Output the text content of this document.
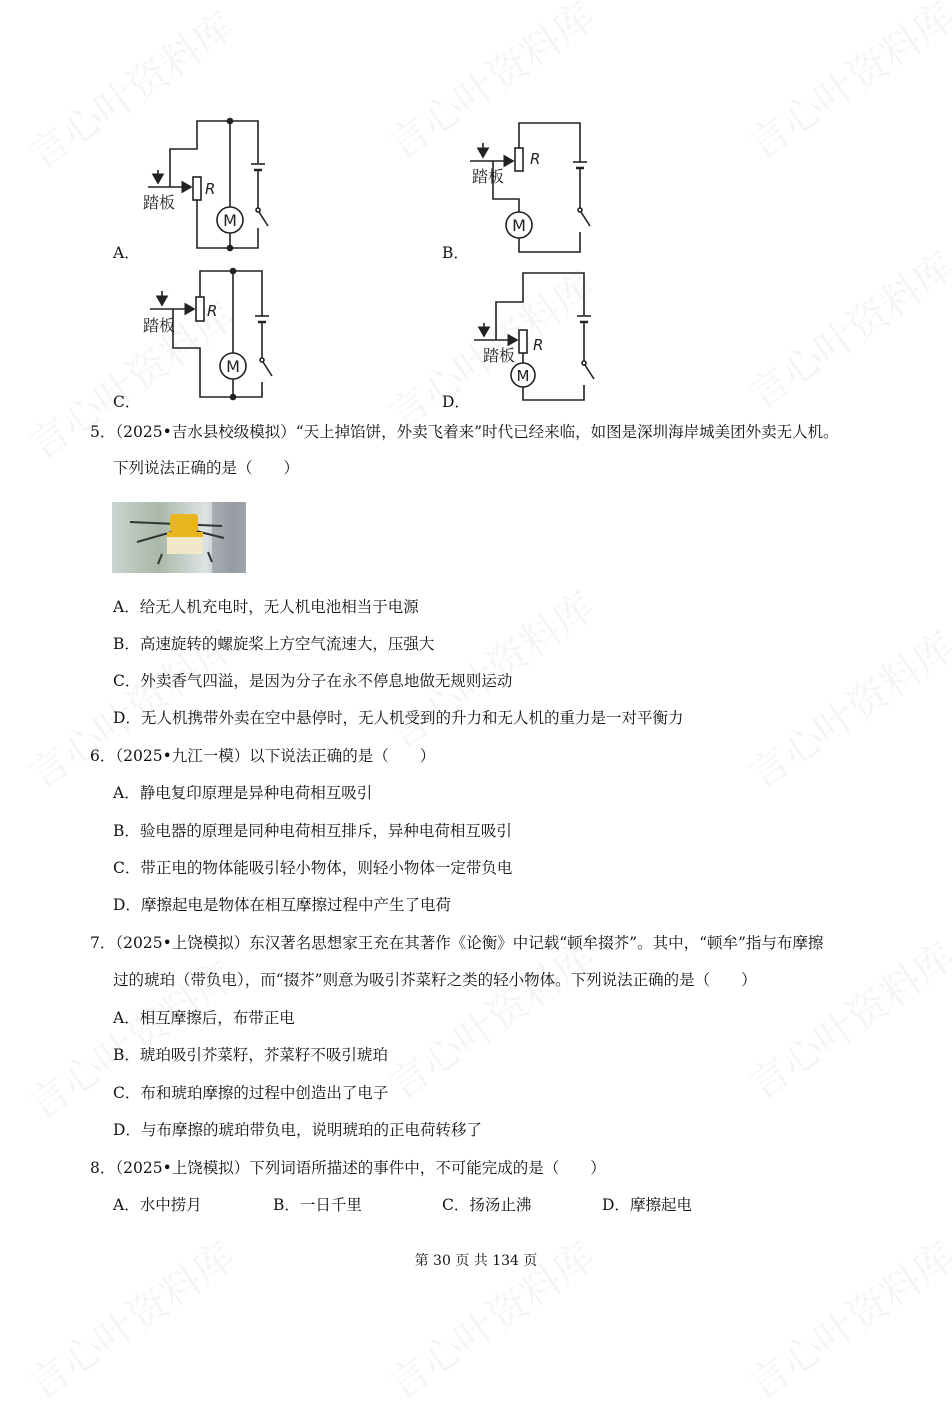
M
踏板
R
M
踏板
R
M
踏板
R
M
踏板
R
A．	B．
C．	D．
5．（2025•吉水县校级模拟）“天上掉馅饼，外卖飞着来”时代已经来临，如图是深圳海岸城美团外卖无人机。
下列说法正确的是（　　）
A．给无人机充电时，无人机电池相当于电源
B．高速旋转的螺旋桨上方空气流速大，压强大
C．外卖香气四溢，是因为分子在永不停息地做无规则运动
D．无人机携带外卖在空中悬停时，无人机受到的升力和无人机的重力是一对平衡力
6．（2025•九江一模）以下说法正确的是（　　）
A．静电复印原理是异种电荷相互吸引
B．验电器的原理是同种电荷相互排斥，异种电荷相互吸引
C．带正电的物体能吸引轻小物体，则轻小物体一定带负电
D．摩擦起电是物体在相互摩擦过程中产生了电荷
7．（2025•上饶模拟）东汉著名思想家王充在其著作《论衡》中记载“顿牟掇芥”。其中，“顿牟”指与布摩擦
过的琥珀（带负电），而“掇芥”则意为吸引芥菜籽之类的轻小物体。下列说法正确的是（　　）
A．相互摩擦后，布带正电
B．琥珀吸引芥菜籽，芥菜籽不吸引琥珀
C．布和琥珀摩擦的过程中创造出了电子
D．与布摩擦的琥珀带负电，说明琥珀的正电荷转移了
8．（2025•上饶模拟）下列词语所描述的事件中，不可能完成的是（　　）
A．水中捞月	B．一日千里	C．扬汤止沸	D．摩擦起电
第 30 页 共 134 页
